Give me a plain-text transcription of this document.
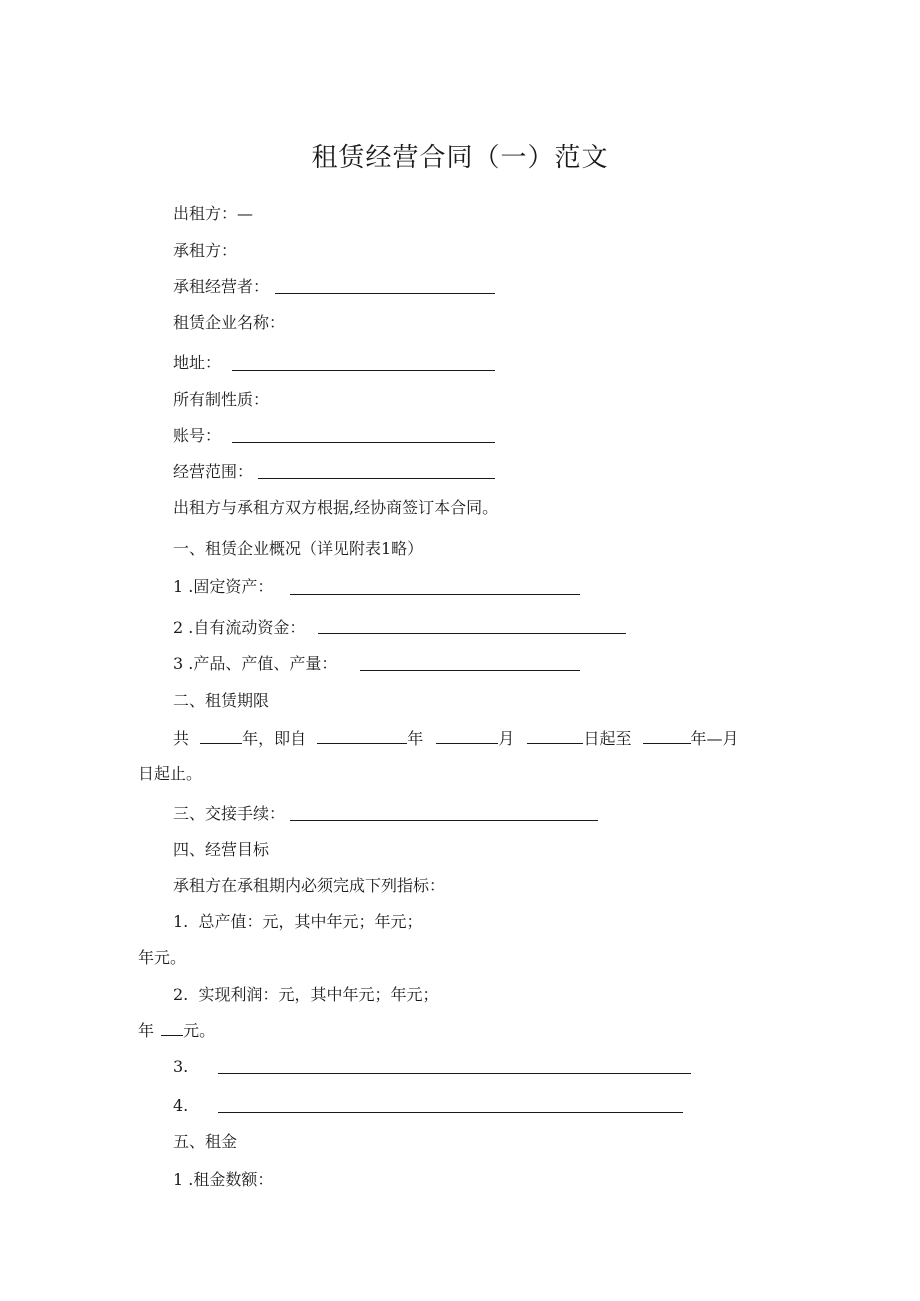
租赁经营合同（一）范文
出租方：—
承租方：
承租经营者：
租赁企业名称：
地址：
所有制性质：
账号：
经营范围：
出租方与承租方双方根据,经协商签订本合同。
一、租赁企业概况（详见附表1略）
1 .固定资产：
2 .自有流动资金：
3 .产品、产值、产量：
二、租赁期限
共	年，即自	年	月	日起至	年—月
日起止。
三、交接手续：
四、经营目标
承租方在承租期内必须完成下列指标：
1. 总产值：元，其中年元；年元；
年元。
2. 实现利润：元，其中年元；年元；
年 元。
3.
4.
五、租金
1 .租金数额：
